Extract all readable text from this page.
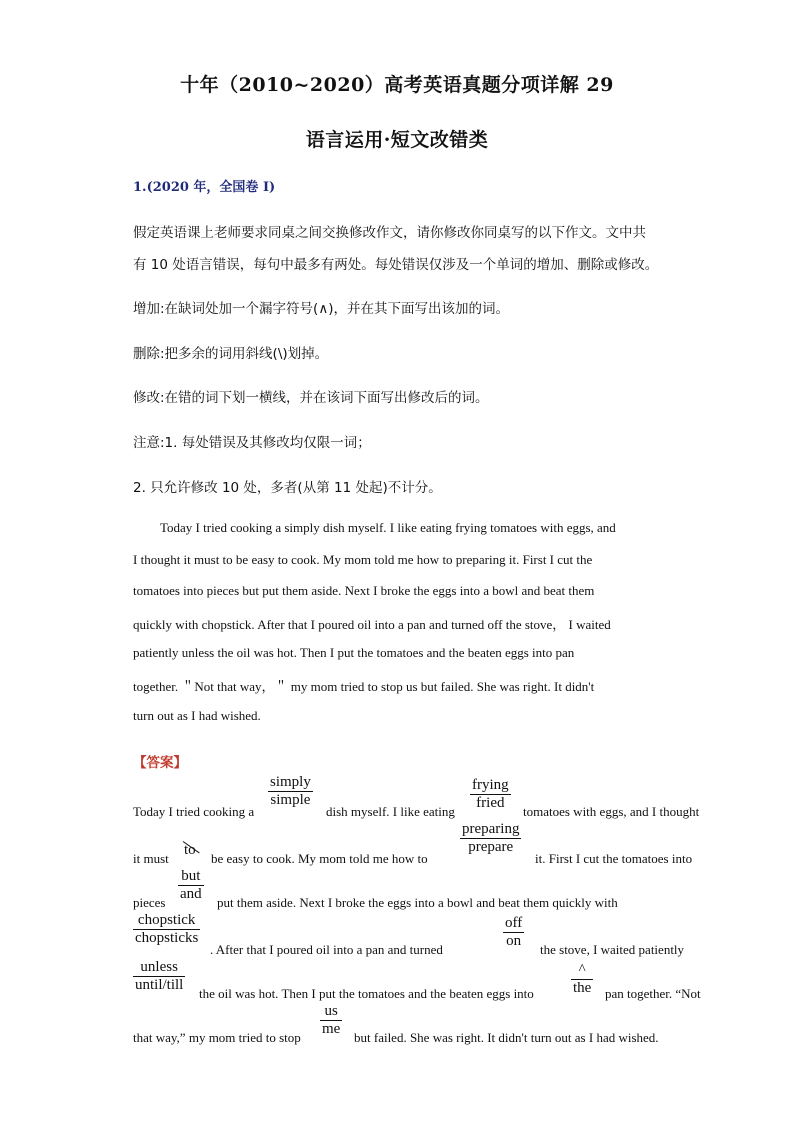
十年（2010~2020）高考英语真题分项详解 29
语言运用·短文改错类
1.(2020 年，全国卷 I)
假定英语课上老师要求同桌之间交换修改作文，请你修改你同桌写的以下作文。文中共
有 10 处语言错误，每句中最多有两处。每处错误仅涉及一个单词的增加、删除或修改。
增加:在缺词处加一个漏字符号(∧)，并在其下面写出该加的词。
删除:把多余的词用斜线(\)划掉。
修改:在错的词下划一横线，并在该词下面写出修改后的词。
注意:1. 每处错误及其修改均仅限一词；
2. 只允许修改 10 处，多者(从第 11 处起)不计分。
Today I tried cooking a simply dish myself. I like eating frying tomatoes with eggs, and
I thought it must to be easy to cook. My mom told me how to preparing it. First I cut the
tomatoes into pieces but put them aside. Next I broke the eggs into a bowl and beat them
quickly with chopstick. After that I poured oil into a pan and turned off the stove， I waited
patiently unless the oil was hot. Then I put the tomatoes and the beaten eggs into pan
together. ＂Not that way，＂ my mom tried to stop us but failed. She was right. It didn't
turn out as I had wished.
【答案】
Today I tried cooking a
simply
simple
dish myself. I like eating
frying
fried
tomatoes with eggs, and I thought
it must
to
be easy to cook. My mom told me how to
preparing
prepare
it. First I cut the tomatoes into
pieces
but
and
put them aside. Next I broke the eggs into a bowl and beat them quickly with
chopstick
chopsticks
. After that I poured oil into a pan and turned
off
on
the stove, I waited patiently
unless
until/till
the oil was hot. Then I put the tomatoes and the beaten eggs into
^
the pan together. “Not
that way,” my mom tried to stop
us
me
but failed. She was right. It didn't turn out as I had wished.
